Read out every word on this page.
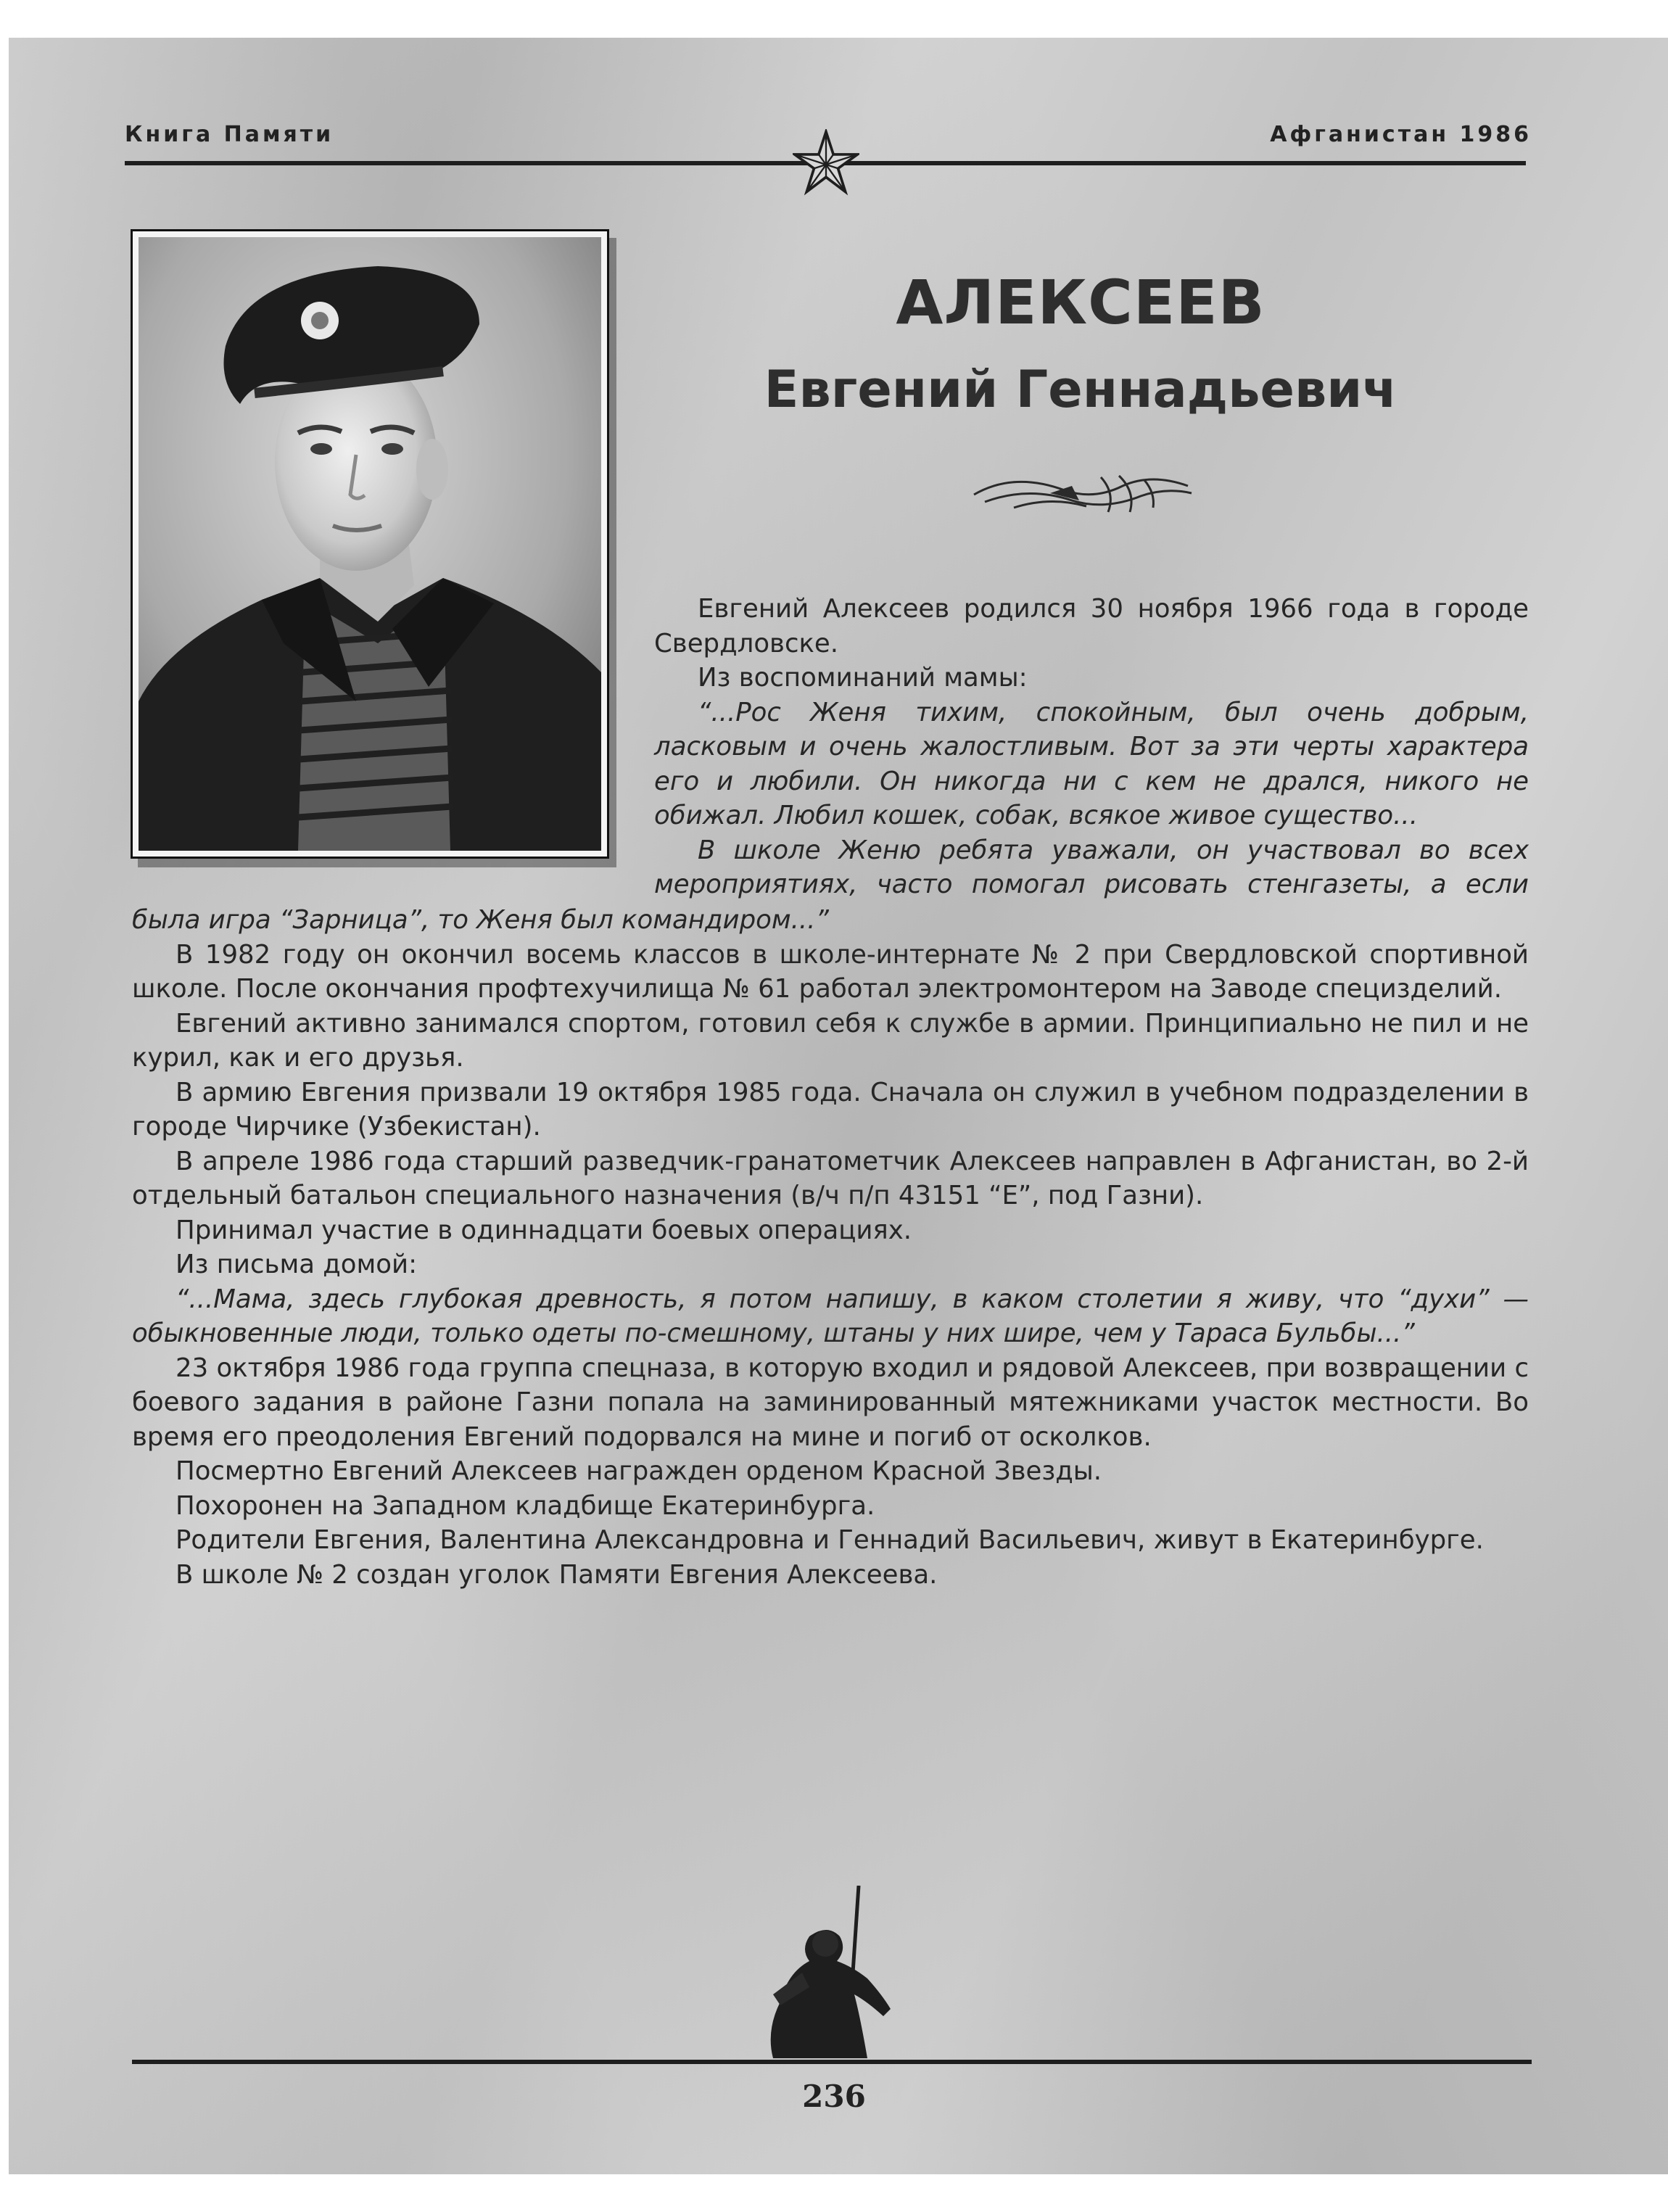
Книга Памяти	Афганистан 1986
АЛЕКСЕЕВ
Евгений Геннадьевич

Евгений Алексеев родился 30 ноября 1966 года в городе Свердловске.

Из воспоминаний мамы:

“...Рос Женя тихим, спокойным, был очень добрым, ласковым и очень жалостливым. Вот за эти черты характера его и любили. Он никогда ни с кем не дрался, никого не обижал. Любил кошек, собак, всякое живое существо...

В школе Женю ребята уважали, он участвовал во всех мероприятиях, часто помогал рисовать стенгазеты, а если

была игра “Зарница”, то Женя был командиром...”

В 1982 году он окончил восемь классов в школе-интернате № 2 при Свердловской спортивной школе. После окончания профтехучилища № 61 работал электромонтером на Заводе специзделий.

Евгений активно занимался спортом, готовил себя к службе в армии. Принципиально не пил и не курил, как и его друзья.

В армию Евгения призвали 19 октября 1985 года. Сначала он служил в учебном подразделении в городе Чирчике (Узбекистан).

В апреле 1986 года старший разведчик-гранатометчик Алексеев направлен в Афганистан, во 2-й отдельный батальон специального назначения (в/ч п/п 43151 “Е”, под Газни).

Принимал участие в одиннадцати боевых операциях.

Из письма домой:

“...Мама, здесь глубокая древность, я потом напишу, в каком столетии я живу, что “духи” — обыкновенные люди, только одеты по-смешному, штаны у них шире, чем у Тараса Бульбы...”

23 октября 1986 года группа спецназа, в которую входил и рядовой Алексеев, при возвращении с боевого задания в районе Газни попала на заминированный мятежниками участок местности. Во время его преодоления Евгений подорвался на мине и погиб от осколков.

Посмертно Евгений Алексеев награжден орденом Красной Звезды.

Похоронен на Западном кладбище Екатеринбурга.

Родители Евгения, Валентина Александровна и Геннадий Васильевич, живут в Екатеринбурге.

В школе № 2 создан уголок Памяти Евгения Алексеева.

236
